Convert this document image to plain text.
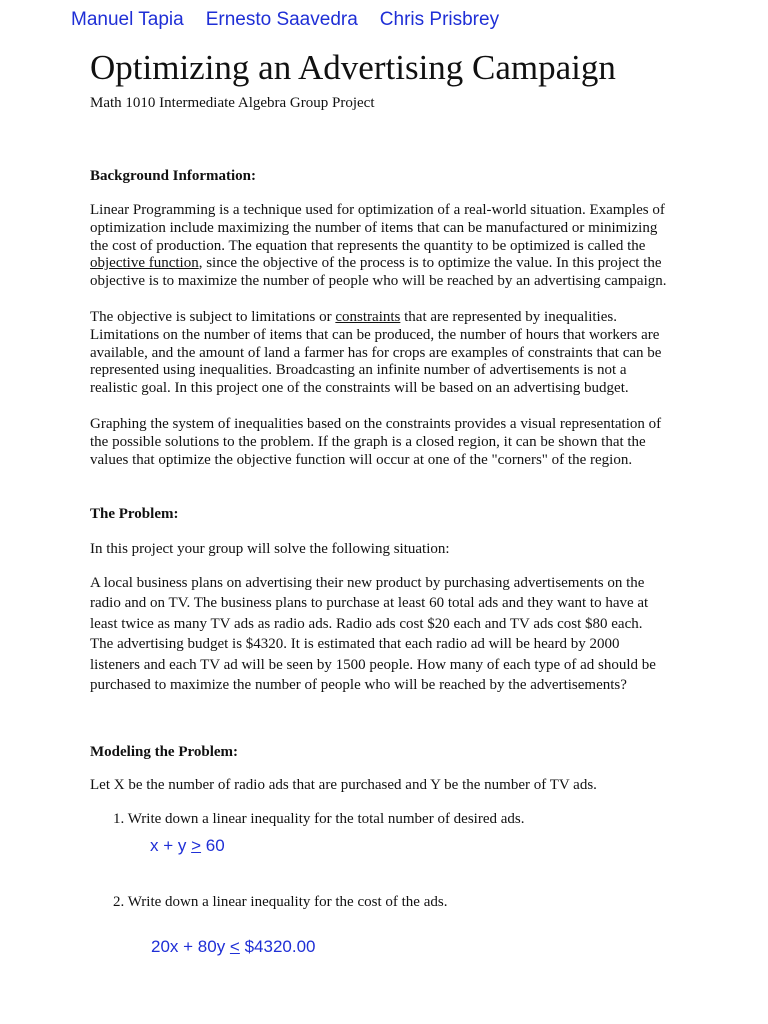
Manuel Tapia Ernesto Saavedra Chris Prisbrey
Optimizing an Advertising Campaign
Math 1010 Intermediate Algebra Group Project
Background Information:
Linear Programming is a technique used for optimization of a real-world situation. Examples of
optimization include maximizing the number of items that can be manufactured or minimizing
the cost of production. The equation that represents the quantity to be optimized is called the
objective function, since the objective of the process is to optimize the value. In this project the
objective is to maximize the number of people who will be reached by an advertising campaign.
The objective is subject to limitations or constraints that are represented by inequalities.
Limitations on the number of items that can be produced, the number of hours that workers are
available, and the amount of land a farmer has for crops are examples of constraints that can be
represented using inequalities. Broadcasting an infinite number of advertisements is not a
realistic goal. In this project one of the constraints will be based on an advertising budget.
Graphing the system of inequalities based on the constraints provides a visual representation of
the possible solutions to the problem. If the graph is a closed region, it can be shown that the
values that optimize the objective function will occur at one of the "corners" of the region.
The Problem:
In this project your group will solve the following situation:
A local business plans on advertising their new product by purchasing advertisements on the
radio and on TV. The business plans to purchase at least 60 total ads and they want to have at
least twice as many TV ads as radio ads. Radio ads cost $20 each and TV ads cost $80 each.
The advertising budget is $4320. It is estimated that each radio ad will be heard by 2000
listeners and each TV ad will be seen by 1500 people. How many of each type of ad should be
purchased to maximize the number of people who will be reached by the advertisements?
Modeling the Problem:
Let X be the number of radio ads that are purchased and Y be the number of TV ads.
1. Write down a linear inequality for the total number of desired ads.
x + y ≥ 60
2. Write down a linear inequality for the cost of the ads.
20x + 80y ≤ $4320.00
